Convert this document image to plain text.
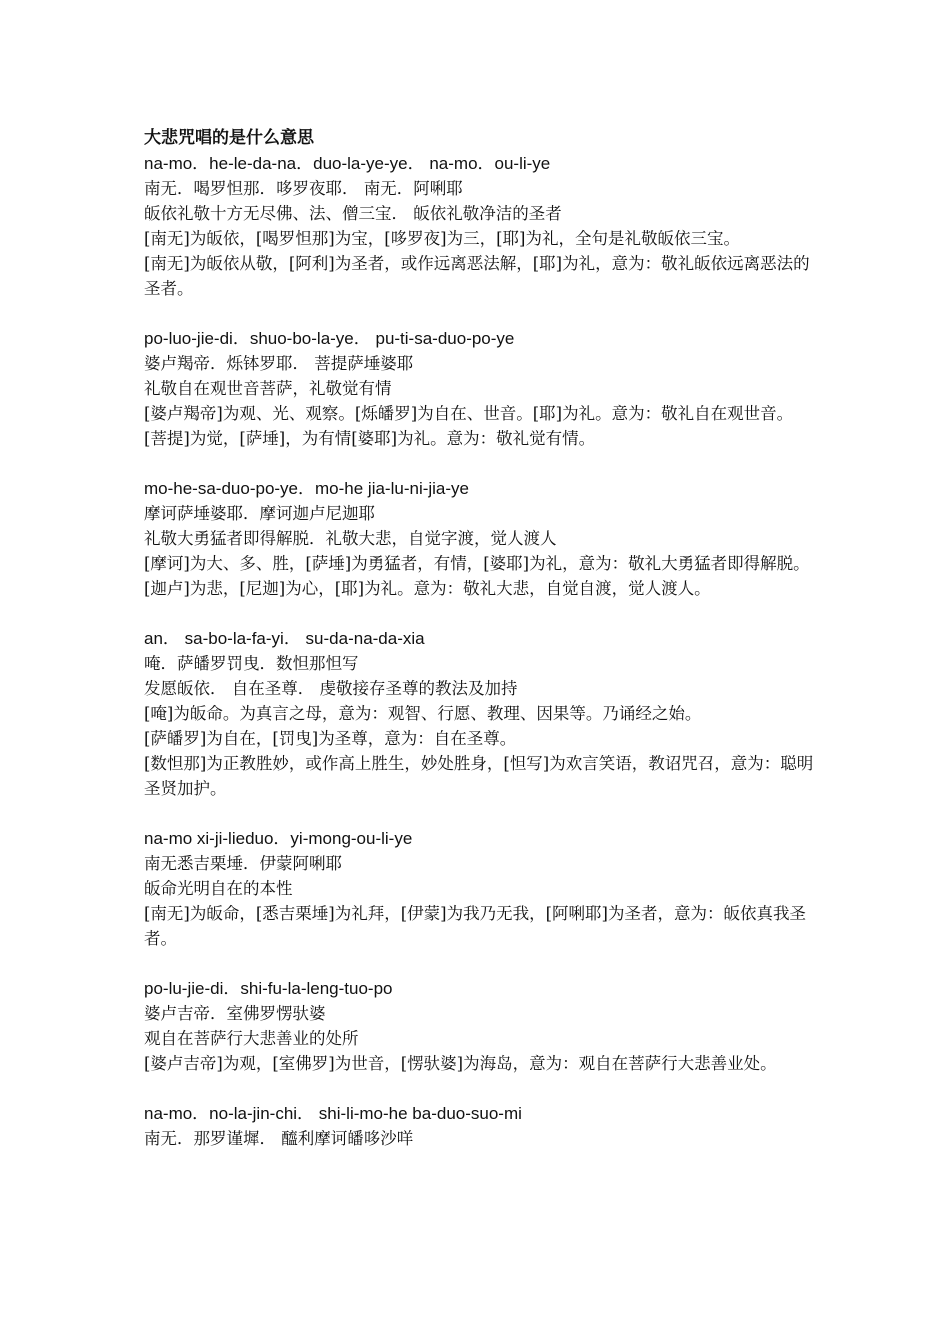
大悲咒唱的是什么意思
na-mo．he-le-da-na．duo-la-ye-ye． na-mo．ou-li-ye
南无．喝罗怛那．哆罗夜耶． 南无．阿唎耶
皈依礼敬十方无尽佛、法、僧三宝． 皈依礼敬净洁的圣者
[南无]为皈依，[喝罗怛那]为宝，[哆罗夜]为三，[耶]为礼，全句是礼敬皈依三宝。
[南无]为皈依从敬，[阿利]为圣者，或作远离恶法解，[耶]为礼，意为：敬礼皈依远离恶法的圣者。
po-luo-jie-di．shuo-bo-la-ye． pu-ti-sa-duo-po-ye
婆卢羯帝．烁钵罗耶． 菩提萨埵婆耶
礼敬自在观世音菩萨，礼敬觉有情
[婆卢羯帝]为观、光、观察。[烁皤罗]为自在、世音。[耶]为礼。意为：敬礼自在观世音。
[菩提]为觉，[萨埵]，为有情[婆耶]为礼。意为：敬礼觉有情。
mo-he-sa-duo-po-ye．mo-he jia-lu-ni-jia-ye
摩诃萨埵婆耶．摩诃迦卢尼迦耶
礼敬大勇猛者即得解脱．礼敬大悲，自觉字渡，觉人渡人
[摩诃]为大、多、胜，[萨埵]为勇猛者，有情，[婆耶]为礼，意为：敬礼大勇猛者即得解脱。
[迦卢]为悲，[尼迦]为心，[耶]为礼。意为：敬礼大悲，自觉自渡，觉人渡人。
an． sa-bo-la-fa-yi． su-da-na-da-xia
唵．萨皤罗罚曳．数怛那怛写
发愿皈依． 自在圣尊． 虔敬接存圣尊的教法及加持
[唵]为皈命。为真言之母，意为：观智、行愿、教理、因果等。乃诵经之始。
[萨皤罗]为自在，[罚曳]为圣尊，意为：自在圣尊。
[数怛那]为正教胜妙，或作高上胜生，妙处胜身，[怛写]为欢言笑语，教诏咒召，意为：聪明圣贤加护。
na-mo xi-ji-lieduo．yi-mong-ou-li-ye
南无悉吉栗埵．伊蒙阿唎耶
皈命光明自在的本性
[南无]为皈命，[悉吉栗埵]为礼拜，[伊蒙]为我乃无我，[阿唎耶]为圣者，意为：皈依真我圣者。
po-lu-jie-di．shi-fu-la-leng-tuo-po
婆卢吉帝．室佛罗愣驮婆
观自在菩萨行大悲善业的处所
[婆卢吉帝]为观，[室佛罗]为世音，[愣驮婆]为海岛，意为：观自在菩萨行大悲善业处。
na-mo．no-la-jin-chi． shi-li-mo-he ba-duo-suo-mi
南无．那罗谨墀． 醯利摩诃皤哆沙咩
